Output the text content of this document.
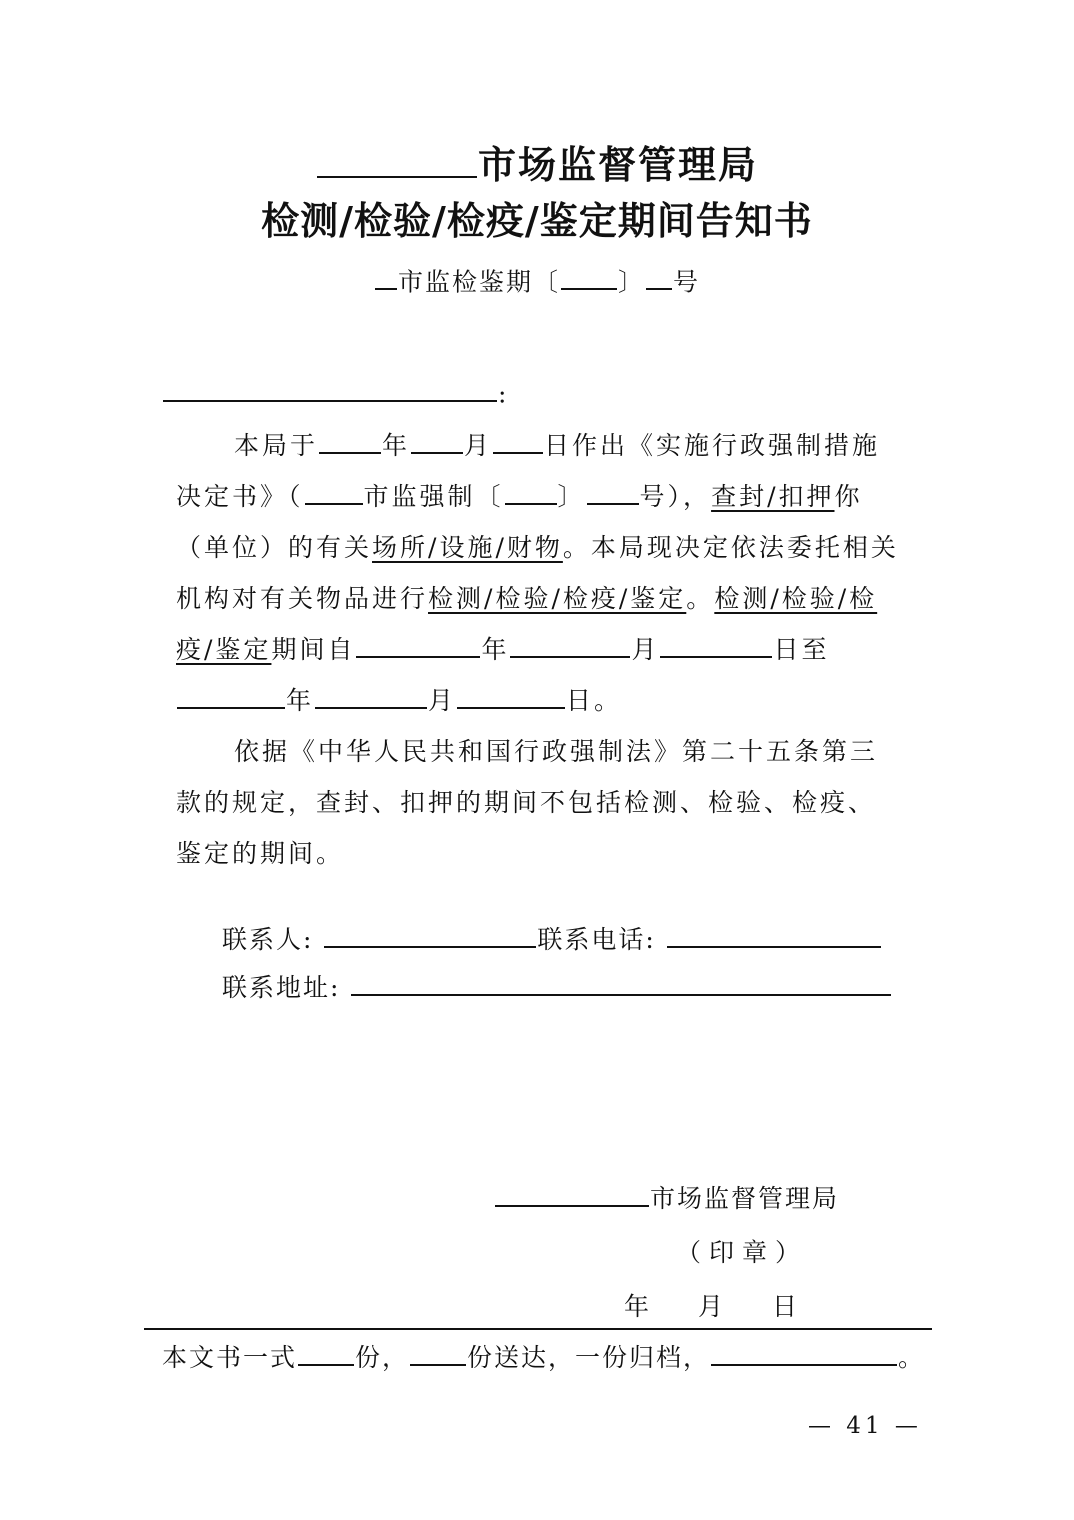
市场监督管理局
检测/检验/检疫/鉴定期间告知书
市监检鉴期〔 〕 号
:

本局于	年 月 日作出《实施行政强制措施决定书》（ 市监强制〔 〕 号），查封/扣押你（单位）的有关场所/设施/财物。本局现决定依法委托相关机构对有关物品进行检测/检验/检疫/鉴定。检测/检验/检疫/鉴定期间自	年	月	日至年	月	日。

依据《中华人民共和国行政强制法》第二十五条第三款的规定，查封、扣押的期间不包括检测、检验、检疫、鉴定的期间。

联系人:	联系电话:
联系地址:
市场监督管理局
（印章）
年 月 日
本文书一式 份， 份送达，一份归档，	。
— 41 —
